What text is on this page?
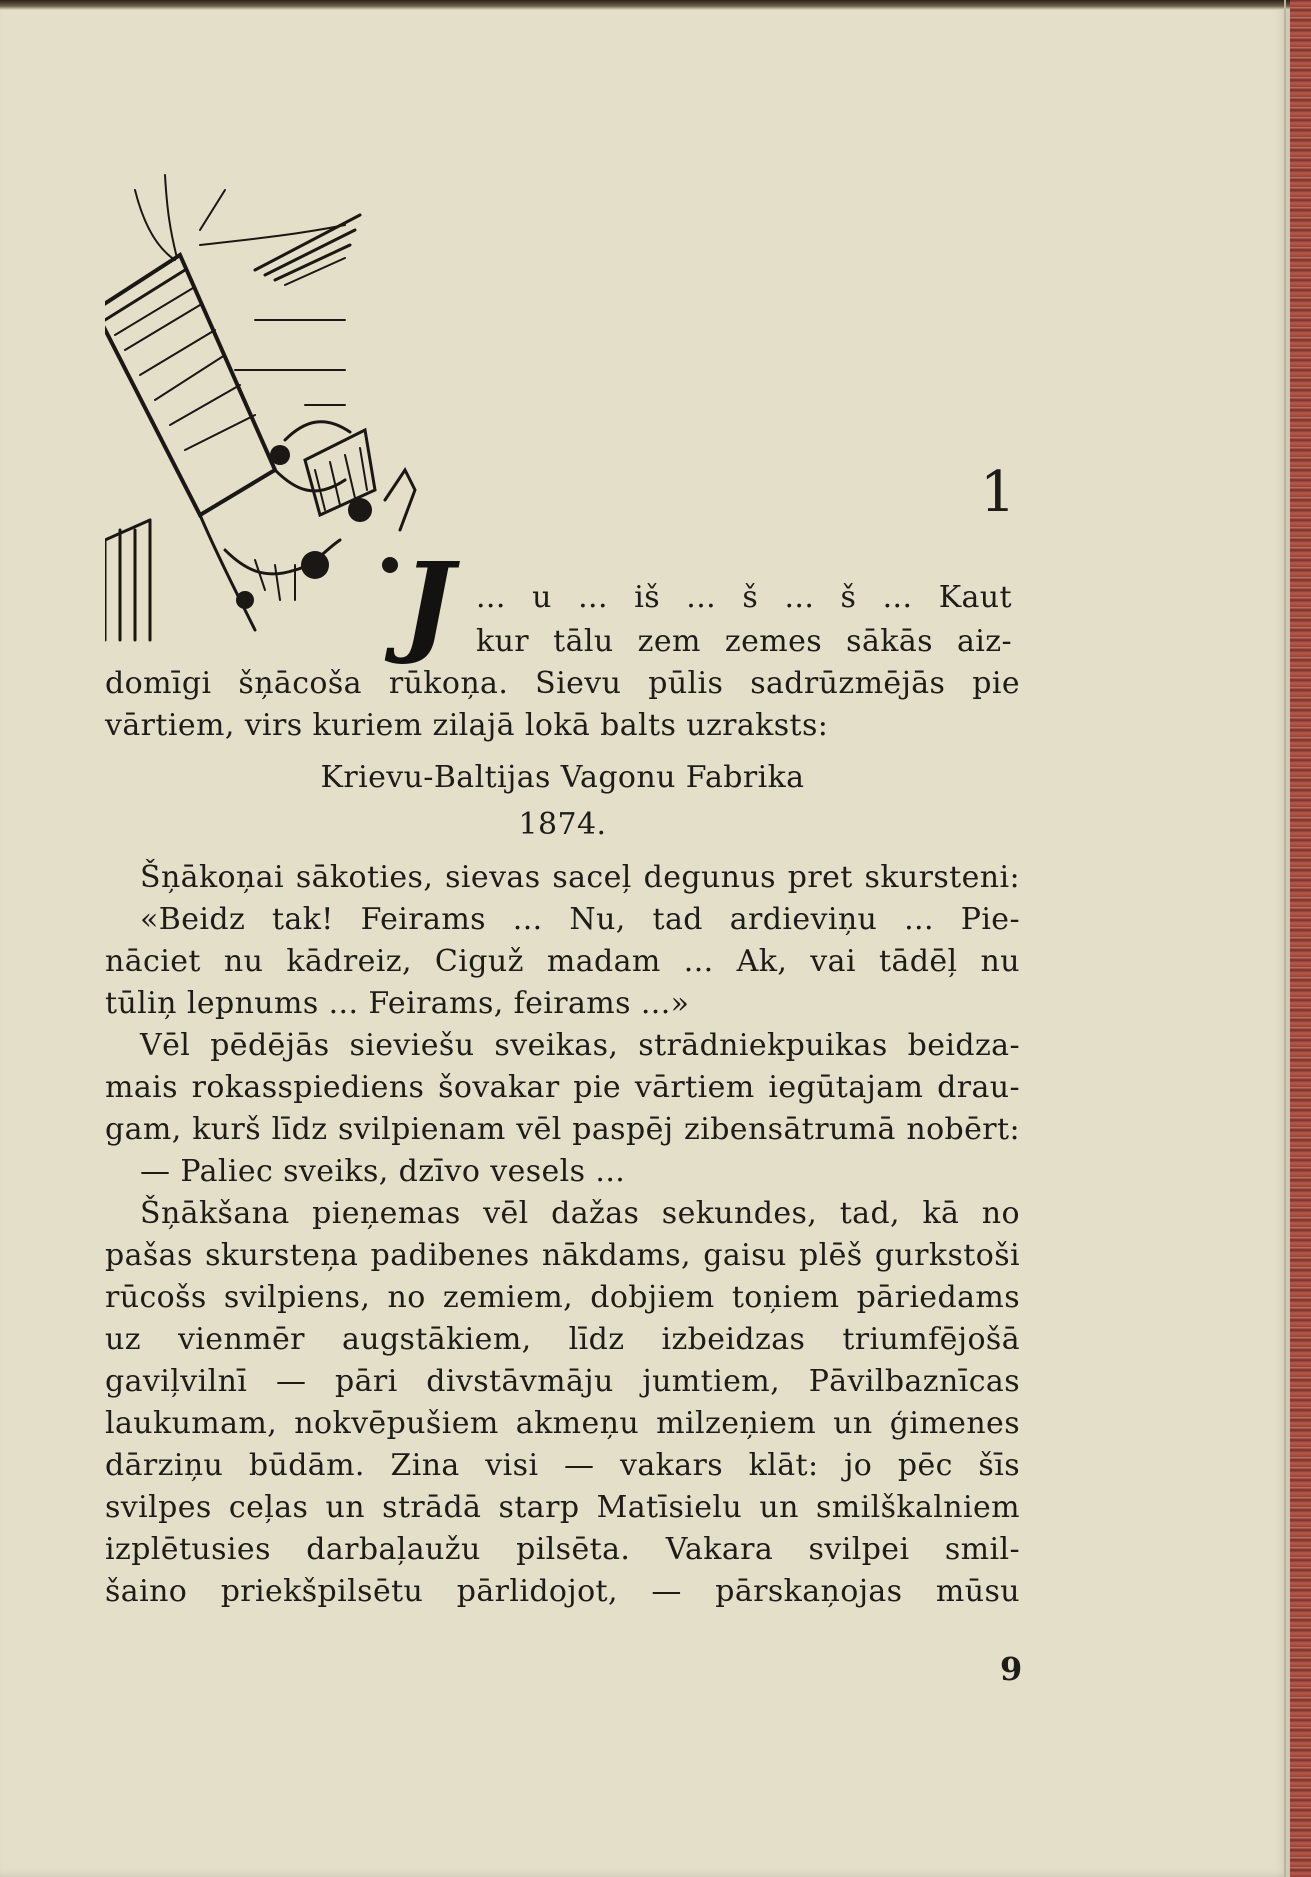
1
J ... u ... iš ... š ... š ... Kaut
kur tālu zem zemes sākās aiz-
domīgi šņācoša rūkoņa. Sievu pūlis sadrūzmējās pie
vārtiem, virs kuriem zilajā lokā balts uzraksts:
Krievu-Baltijas Vagonu Fabrika
1874.
Šņākoņai sākoties, sievas saceļ degunus pret skursteni:
«Beidz tak! Feirams ... Nu, tad ardieviņu ... Pie-
nāciet nu kādreiz, Ciguž madam ... Ak, vai tādēļ nu
tūliņ lepnums ... Feirams, feirams ...»
Vēl pēdējās sieviešu sveikas, strādniekpuikas beidza-
mais rokasspiediens šovakar pie vārtiem iegūtajam drau-
gam, kurš līdz svilpienam vēl paspēj zibensātrumā nobērt:
— Paliec sveiks, dzīvo vesels ...
Šņākšana pieņemas vēl dažas sekundes, tad, kā no
pašas skursteņa padibenes nākdams, gaisu plēš gurkstoši
rūcošs svilpiens, no zemiem, dobjiem toņiem pāriedams
uz vienmēr augstākiem, līdz izbeidzas triumfējošā
gaviļvilnī — pāri divstāvmāju jumtiem, Pāvilbaznīcas
laukumam, nokvēpušiem akmeņu milzeņiem un ģimenes
dārziņu būdām. Zina visi — vakars klāt: jo pēc šīs
svilpes ceļas un strādā starp Matīsielu un smilškalniem
izplētusies darbaļaužu pilsēta. Vakara svilpei smil-
šaino priekšpilsētu pārlidojot, — pārskaņojas mūsu
9
